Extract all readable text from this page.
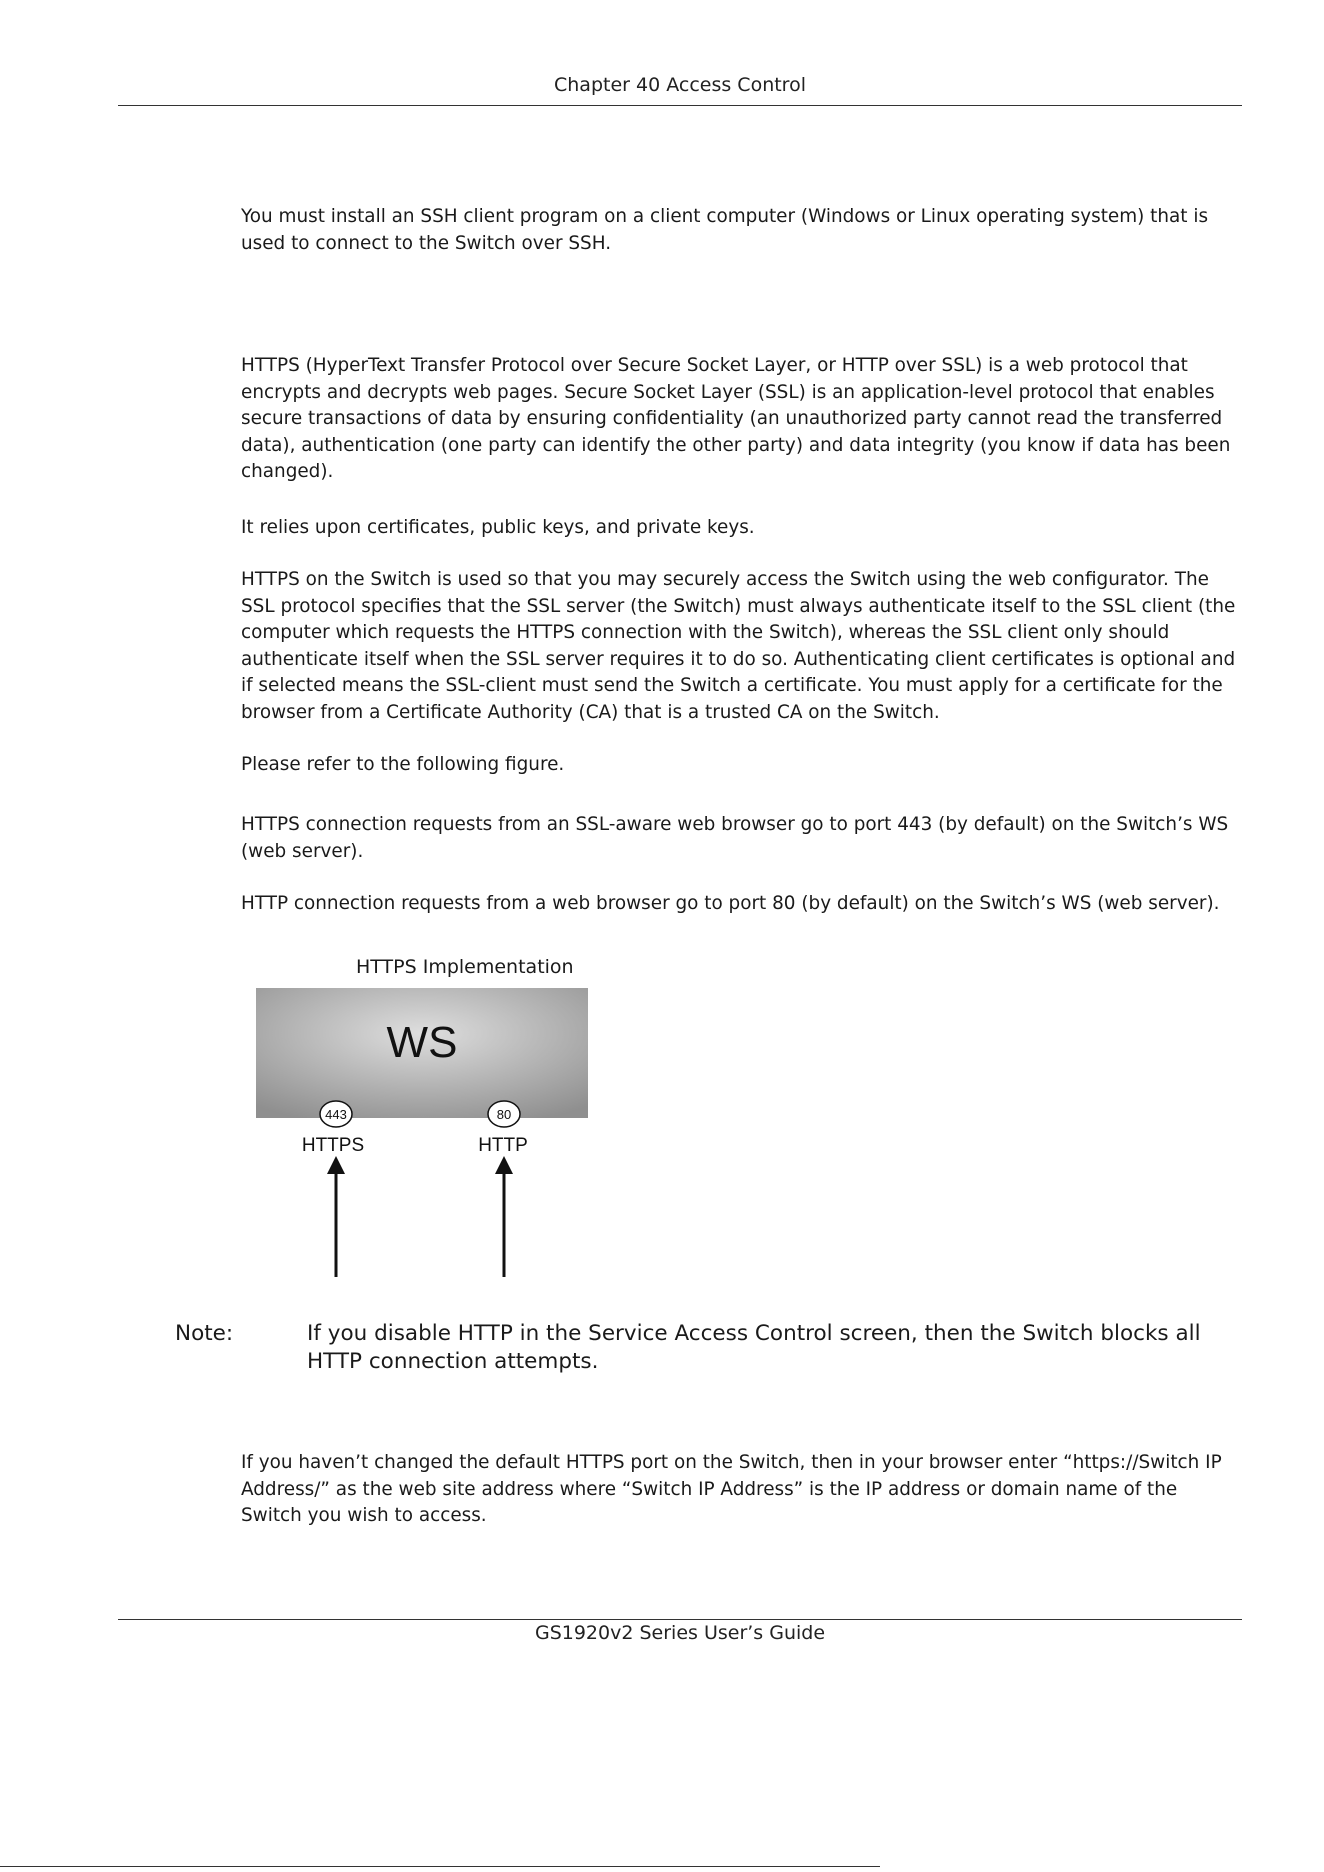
Chapter 40 Access Control

You must install an SSH client program on a client computer (Windows or Linux operating system) that is used to connect to the Switch over SSH.

HTTPS (HyperText Transfer Protocol over Secure Socket Layer, or HTTP over SSL) is a web protocol that encrypts and decrypts web pages. Secure Socket Layer (SSL) is an application-level protocol that enables secure transactions of data by ensuring confidentiality (an unauthorized party cannot read the transferred data), authentication (one party can identify the other party) and data integrity (you know if data has been changed).

It relies upon certificates, public keys, and private keys.

HTTPS on the Switch is used so that you may securely access the Switch using the web configurator. The SSL protocol specifies that the SSL server (the Switch) must always authenticate itself to the SSL client (the computer which requests the HTTPS connection with the Switch), whereas the SSL client only should authenticate itself when the SSL server requires it to do so. Authenticating client certificates is optional and if selected means the SSL-client must send the Switch a certificate. You must apply for a certificate for the browser from a Certificate Authority (CA) that is a trusted CA on the Switch.

Please refer to the following figure.

HTTPS connection requests from an SSL-aware web browser go to port 443 (by default) on the Switch’s WS (web server).

HTTP connection requests from a web browser go to port 80 (by default) on the Switch’s WS (web server).

HTTPS Implementation

WS
443	80
HTTPS	HTTP
Note:	If you disable HTTP in the Service Access Control screen, then the Switch blocks all HTTP connection attempts.

If you haven’t changed the default HTTPS port on the Switch, then in your browser enter “https://Switch IP Address/” as the web site address where “Switch IP Address” is the IP address or domain name of the Switch you wish to access.

GS1920v2 Series User’s Guide
